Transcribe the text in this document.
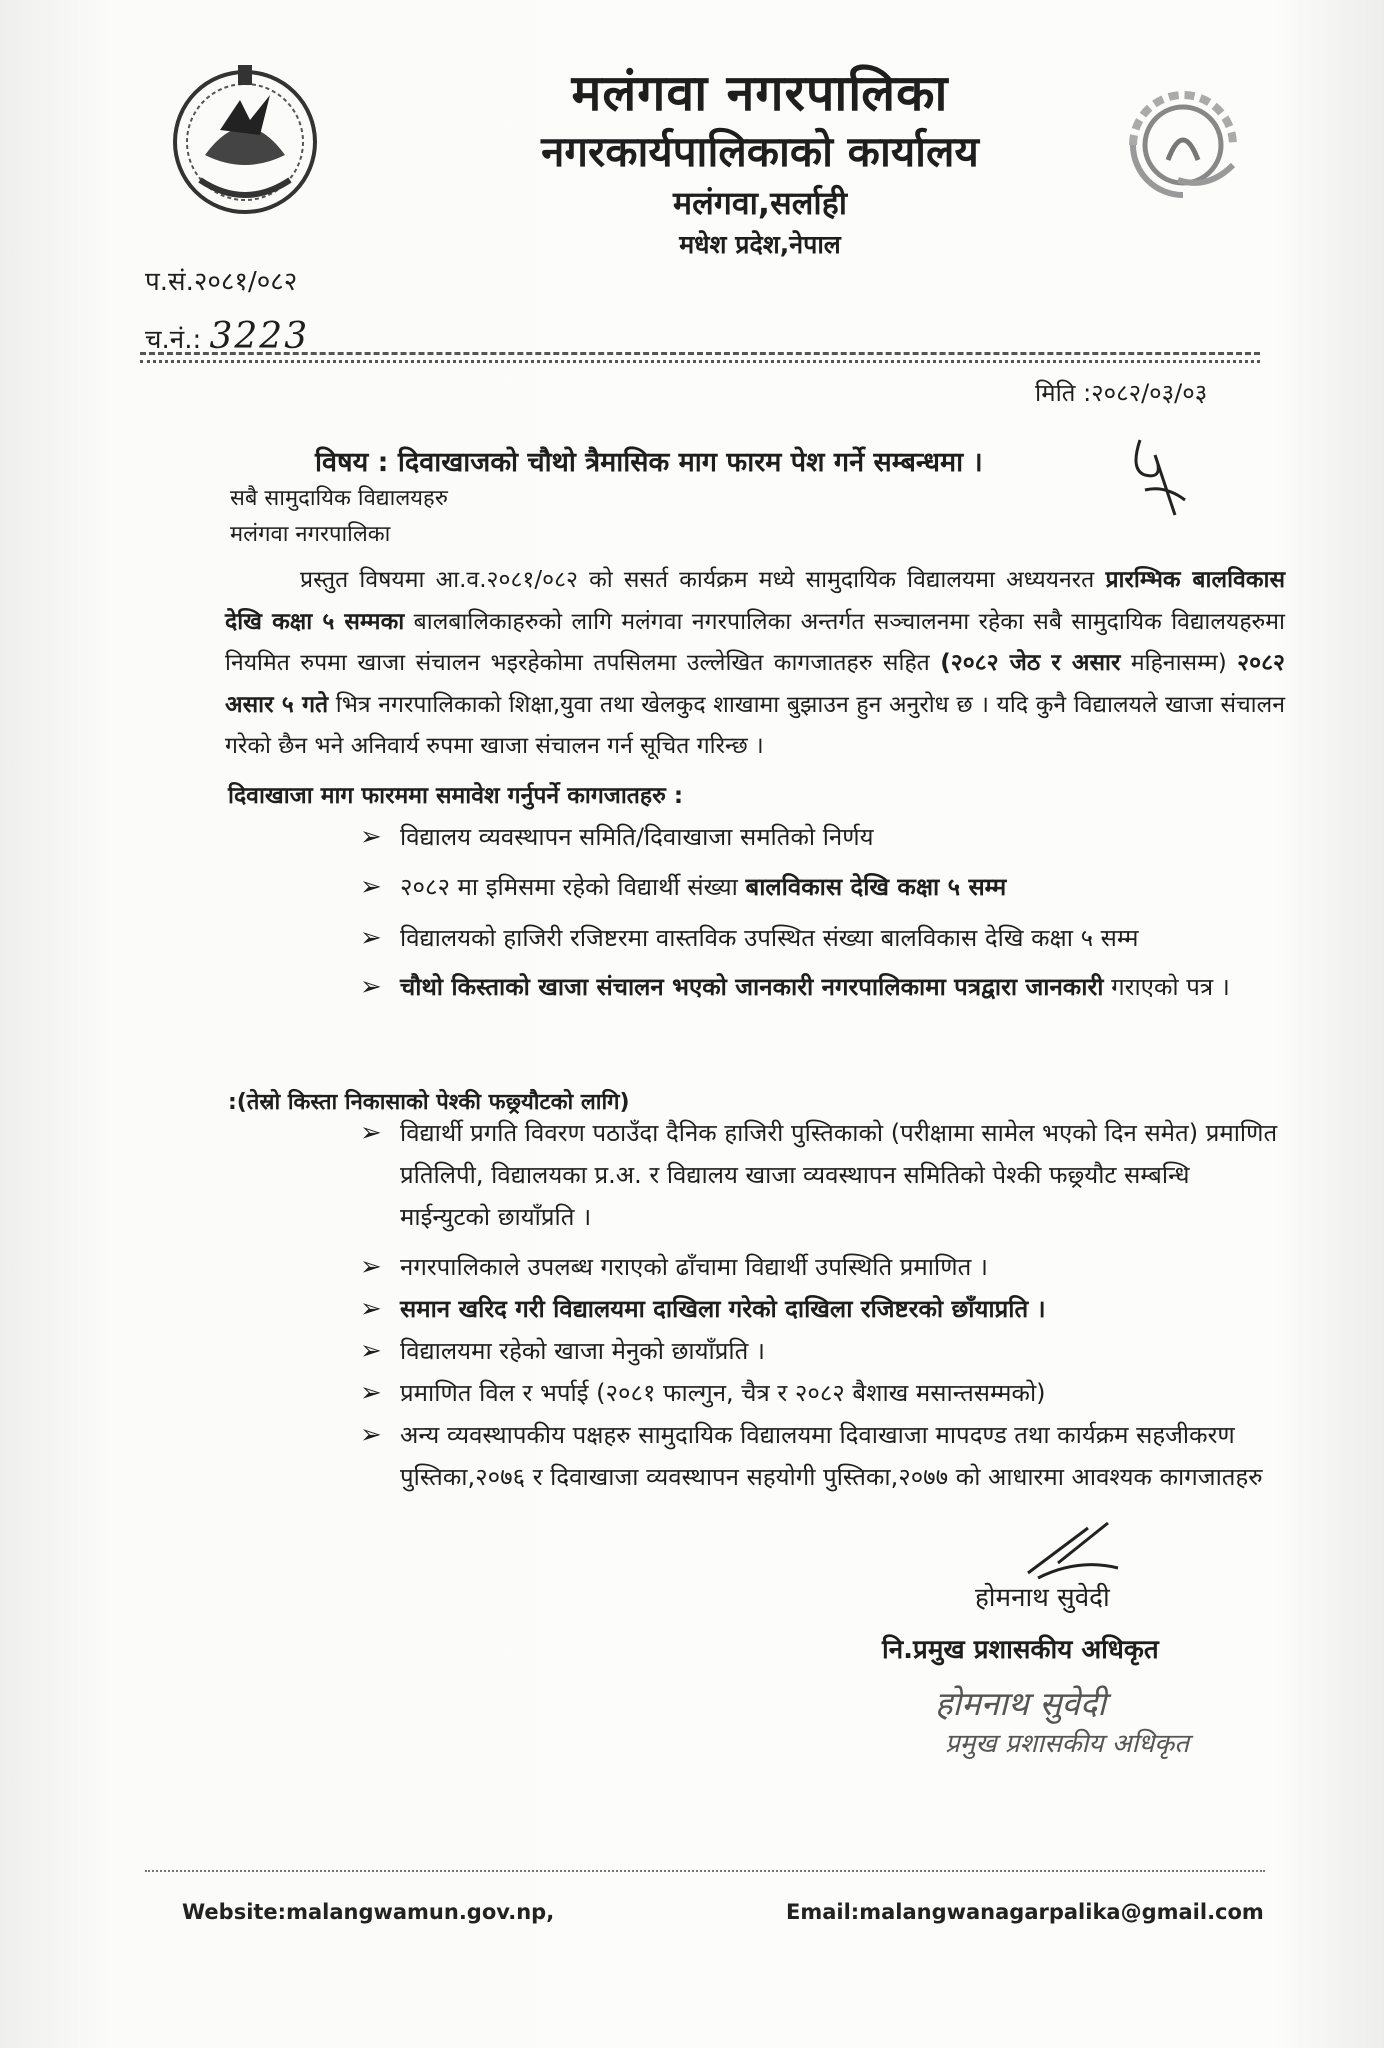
मलंगवा नगरपालिका
नगरकार्यपालिकाको कार्यालय
मलंगवा,सर्लाही
मधेश प्रदेश,नेपाल
प.सं.२०८१/०८२
च.नं.: 3223
मिति :२०८२/०३/०३
विषय : दिवाखाजको चौथो त्रैमासिक माग फारम पेश गर्ने सम्बन्धमा ।
सबै सामुदायिक विद्यालयहरु
मलंगवा नगरपालिका
प्रस्तुत विषयमा आ.व.२०८१/०८२ को ससर्त कार्यक्रम मध्ये सामुदायिक विद्यालयमा अध्ययनरत प्रारम्भिक बालविकास देखि कक्षा ५ सम्मका बालबालिकाहरुको लागि मलंगवा नगरपालिका अन्तर्गत सञ्चालनमा रहेका सबै सामुदायिक विद्यालयहरुमा नियमित रुपमा खाजा संचालन भइरहेकोमा तपसिलमा उल्लेखित कागजातहरु सहित (२०८२ जेठ र असार महिनासम्म) २०८२ असार ५ गते भित्र नगरपालिकाको शिक्षा,युवा तथा खेलकुद शाखामा बुझाउन हुन अनुरोध छ । यदि कुनै विद्यालयले खाजा संचालन गरेको छैन भने अनिवार्य रुपमा खाजा संचालन गर्न सूचित गरिन्छ ।
दिवाखाजा माग फारममा समावेश गर्नुपर्ने कागजातहरु :
➢ विद्यालय व्यवस्थापन समिति/दिवाखाजा समतिको निर्णय
➢ २०८२ मा इमिसमा रहेको विद्यार्थी संख्या बालविकास देखि कक्षा ५ सम्म
➢ विद्यालयको हाजिरी रजिष्टरमा वास्तविक उपस्थित संख्या बालविकास देखि कक्षा ५ सम्म
➢ चौथो किस्ताको खाजा संचालन भएको जानकारी नगरपालिकामा पत्रद्वारा जानकारी गराएको पत्र ।
:(तेस्रो किस्ता निकासाको पेश्की फछ्र्यौटको लागि)
➢ विद्यार्थी प्रगति विवरण पठाउँदा दैनिक हाजिरी पुस्तिकाको (परीक्षामा सामेल भएको दिन समेत) प्रमाणित प्रतिलिपी, विद्यालयका प्र.अ. र विद्यालय खाजा व्यवस्थापन समितिको पेश्की फछ्र्यौट सम्बन्धि माईन्युटको छायाँप्रति ।
➢ नगरपालिकाले उपलब्ध गराएको ढाँचामा विद्यार्थी उपस्थिति प्रमाणित ।
➢ समान खरिद गरी विद्यालयमा दाखिला गरेको दाखिला रजिष्टरको छाँयाप्रति ।
➢ विद्यालयमा रहेको खाजा मेनुको छायाँप्रति ।
➢ प्रमाणित विल र भर्पाई (२०८१ फाल्गुन, चैत्र र २०८२ बैशाख मसान्तसम्मको)
➢ अन्य व्यवस्थापकीय पक्षहरु सामुदायिक विद्यालयमा दिवाखाजा मापदण्ड तथा कार्यक्रम सहजीकरण पुस्तिका,२०७६ र दिवाखाजा व्यवस्थापन सहयोगी पुस्तिका,२०७७ को आधारमा आवश्यक कागजातहरु
होमनाथ सुवेदी
नि.प्रमुख प्रशासकीय अधिकृत
होमनाथ सुवेदी
प्रमुख प्रशासकीय अधिकृत
Website:malangwamun.gov.np,	Email:malangwanagarpalika@gmail.com
